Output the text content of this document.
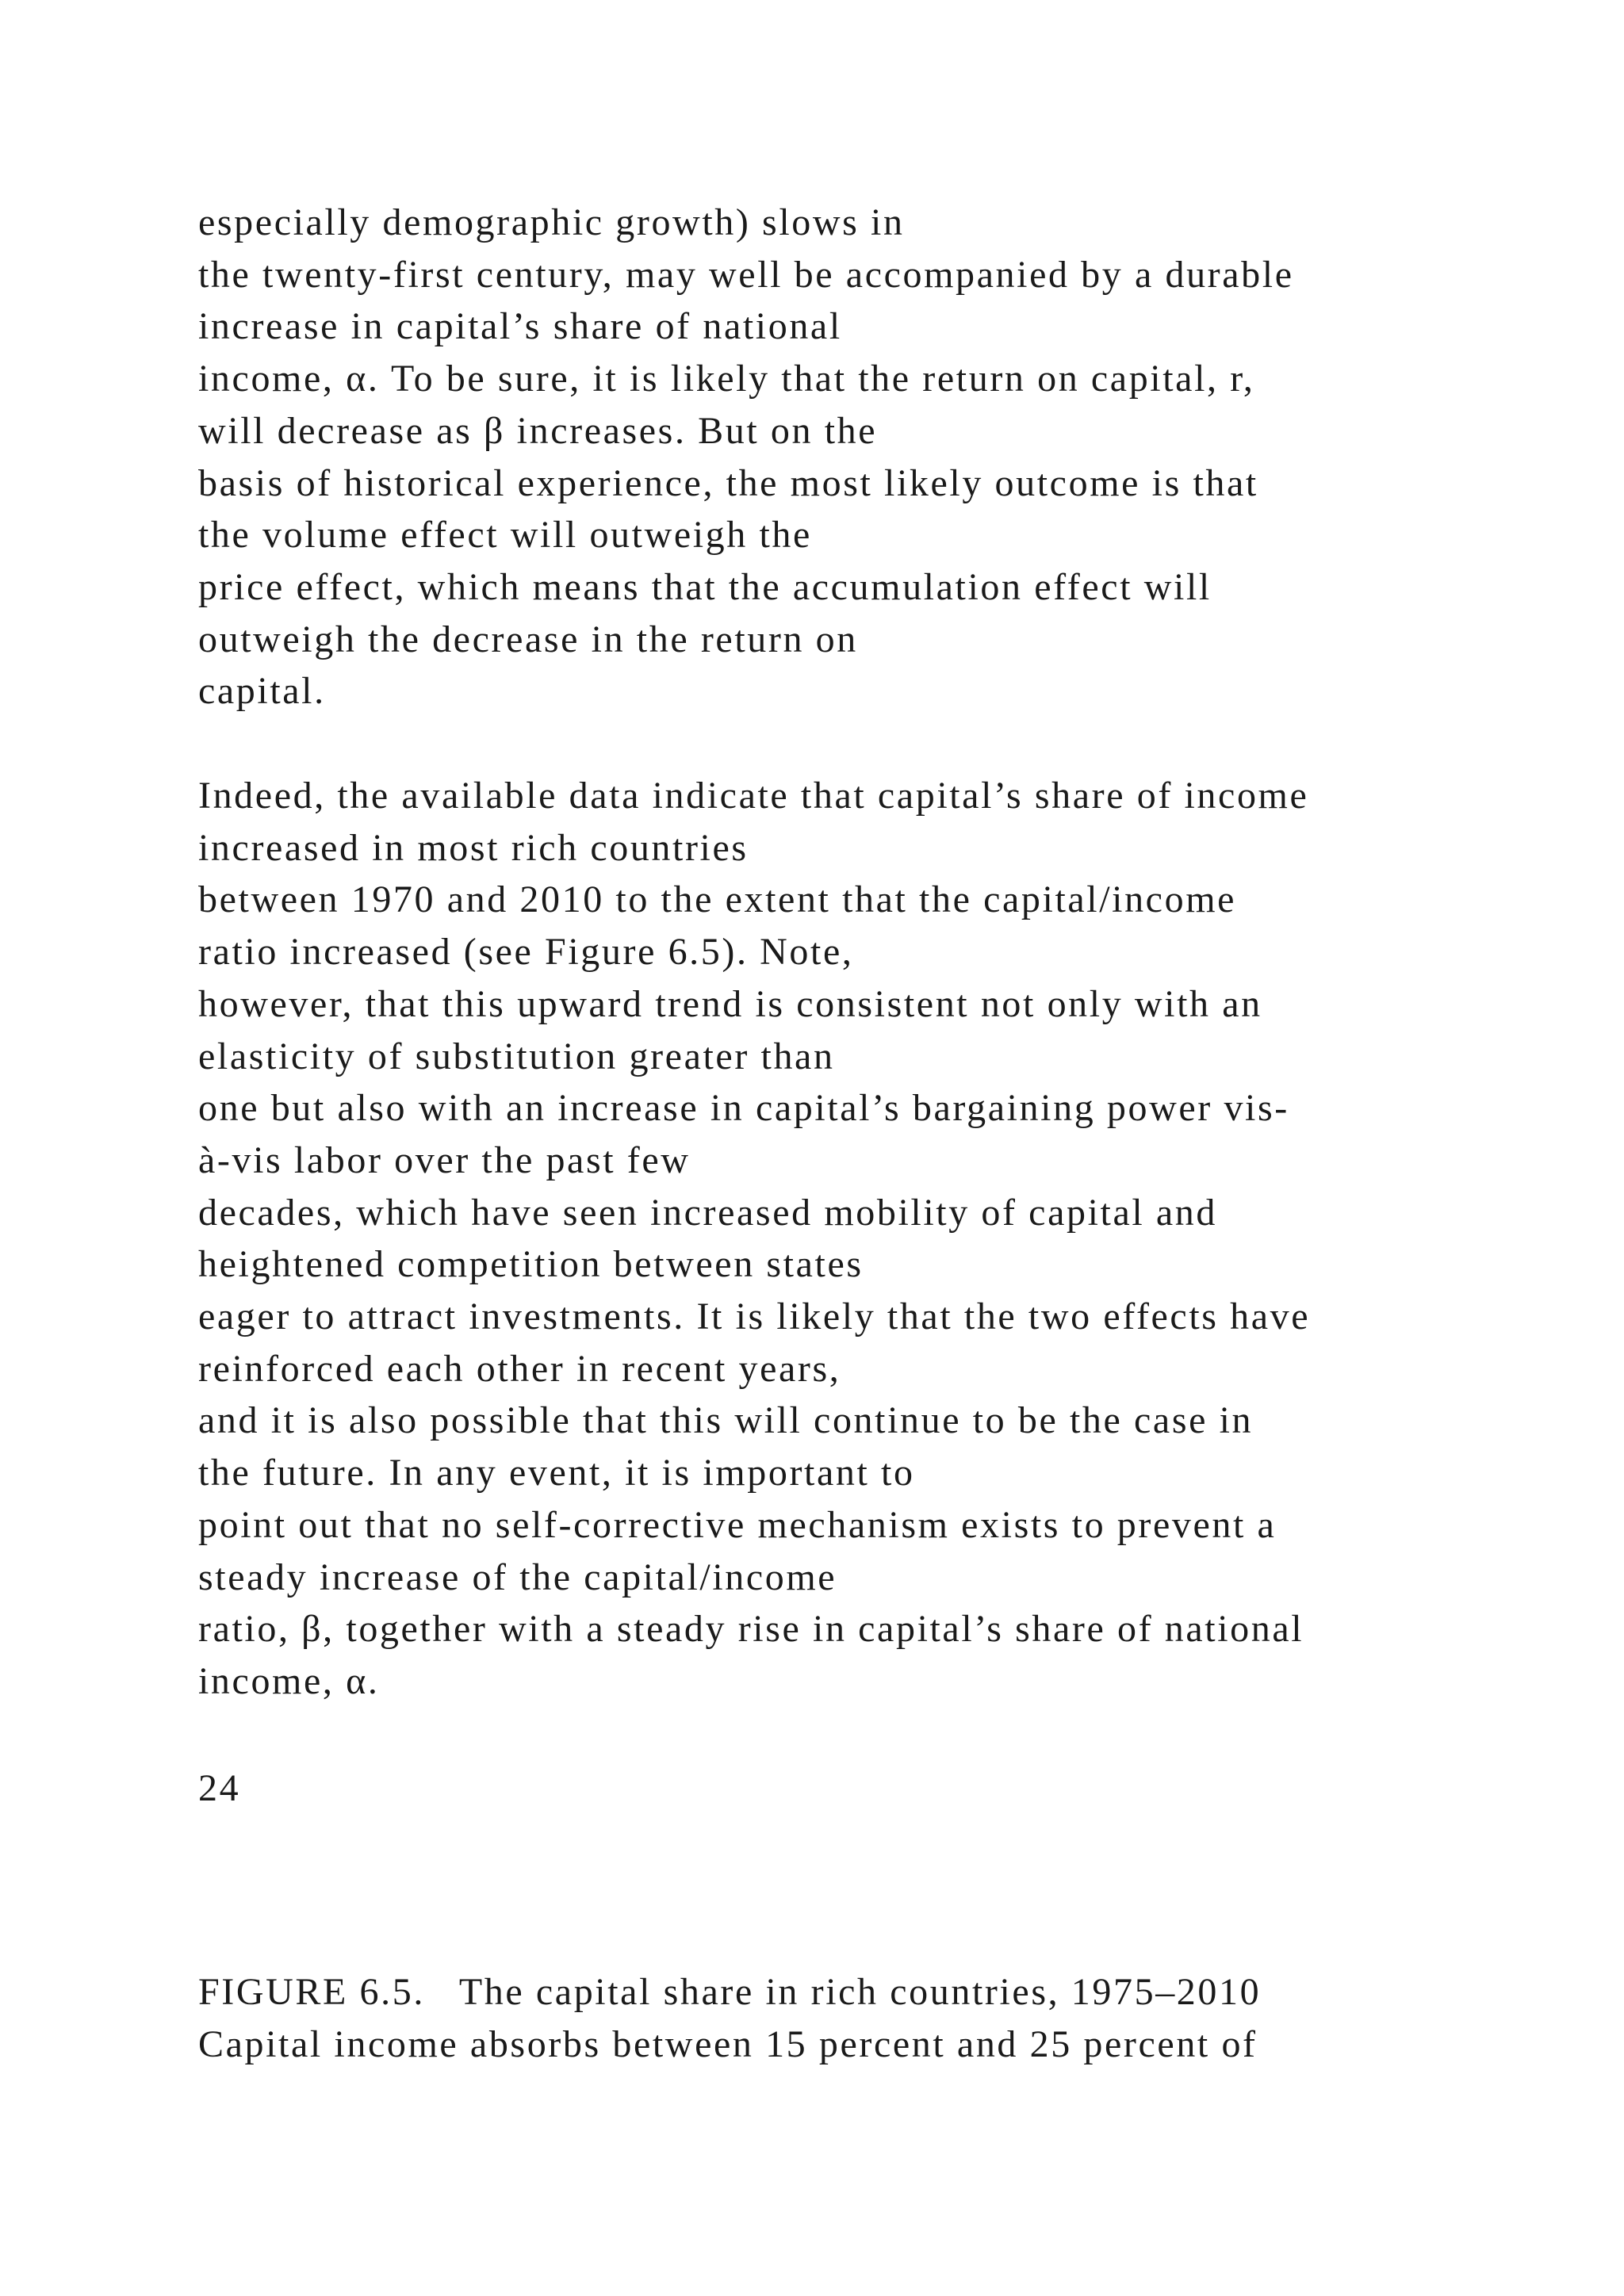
especially demographic growth) slows in
the twenty-first century, may well be accompanied by a durable
increase in capital’s share of national
income, α. To be sure, it is likely that the return on capital, r,
will decrease as β increases. But on the
basis of historical experience, the most likely outcome is that
the volume effect will outweigh the
price effect, which means that the accumulation effect will
outweigh the decrease in the return on
capital.

Indeed, the available data indicate that capital’s share of income
increased in most rich countries
between 1970 and 2010 to the extent that the capital/income
ratio increased (see Figure 6.5). Note,
however, that this upward trend is consistent not only with an
elasticity of substitution greater than
one but also with an increase in capital’s bargaining power vis-
à-vis labor over the past few
decades, which have seen increased mobility of capital and
heightened competition between states
eager to attract investments. It is likely that the two effects have
reinforced each other in recent years,
and it is also possible that this will continue to be the case in
the future. In any event, it is important to
point out that no self-corrective mechanism exists to prevent a
steady increase of the capital/income
ratio, β, together with a steady rise in capital’s share of national
income, α.

24

FIGURE 6.5.   The capital share in rich countries, 1975–2010
Capital income absorbs between 15 percent and 25 percent of
